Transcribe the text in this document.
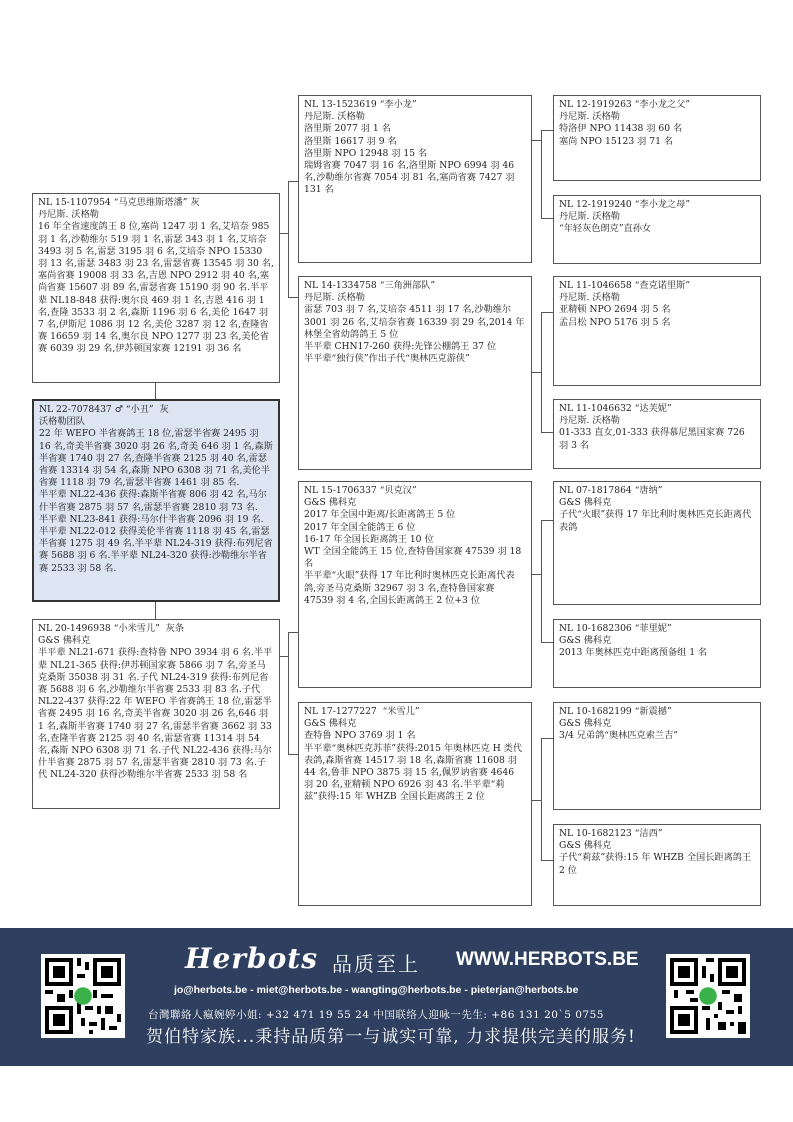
NL 22-7078437 ♂ “小丑”  灰

沃格勒团队

22 年 WEFO 半省赛鸽王 18 位,雷瑟半省赛 2495 羽 16 名,奇美半省赛 3020 羽 26 名,奇美 646 羽 1 名,森斯半省赛 1740 羽 27 名,查隆半省赛 2125 羽 40 名,雷瑟省赛 13314 羽 54 名,森斯 NPO 6308 羽 71 名,美伦半省赛 1118 羽 79 名,雷瑟半省赛 1461 羽 85 名.

半平辈 NL22-436 获得:森斯半省赛 806 羽 42 名,马尔什半省赛 2875 羽 57 名,雷瑟半省赛 2810 羽 73 名.

半平辈 NL23-841 获得:马尔什半省赛 2096 羽 19 名.

半平辈 NL22-012 获得美伦半省赛 1118 羽 45 名,雷瑟半省赛 1275 羽 49 名.半平辈 NL24-319 获得:布列尼省赛 5688 羽 6 名.半平辈 NL24-320 获得:沙勒维尔半省赛 2533 羽 58 名.

NL 15-1107954 “马克思维斯塔潘” 灰

丹尼斯. 沃格勒

16 年全省速度鸽王 8 位,塞尚 1247 羽 1 名,艾培奈 985 羽 1 名,沙勒维尔 519 羽 1 名,雷瑟 343 羽 1 名,艾培奈 3493 羽 5 名,雷瑟 3195 羽 6 名,艾培奈 NPO 15330 羽 13 名,雷瑟 3483 羽 23 名,雷瑟省赛 13545 羽 30 名,塞尚省赛 19008 羽 33 名,吉恩 NPO 2912 羽 40 名,塞尚省赛 15607 羽 89 名,雷瑟省赛 15190 羽 90 名.半平辈 NL18-848 获得:奥尔良 469 羽 1 名,吉恩 416 羽 1 名,查隆 3533 羽 2 名,森斯 1196 羽 6 名,美伦 1647 羽 7 名,伊斯尼 1086 羽 12 名,美伦 3287 羽 12 名,查隆省赛 16659 羽 14 名,奥尔良 NPO 1277 羽 23 名,美伦省赛 6039 羽 29 名,伊苏顿国家赛 12191 羽 36 名

NL 20-1496938 “小米雪儿”  灰条

G&S 佛科克

半平辈 NL21-671 获得:查特鲁 NPO 3934 羽 6 名.半平辈 NL21-365 获得:伊苏顿国家赛 5866 羽 7 名,旁圣马克桑斯 35038 羽 31 名.子代 NL24-319 获得:布列尼省赛 5688 羽 6 名,沙勒维尔半省赛 2533 羽 83 名.子代 NL22-437 获得:22 年 WEFO 半省赛鸽王 18 位,雷瑟半省赛 2495 羽 16 名,奇美半省赛 3020 羽 26 名,646 羽 1 名,森斯半省赛 1740 羽 27 名,雷瑟半省赛 3662 羽 33 名,查隆半省赛 2125 羽 40 名,雷瑟省赛 11314 羽 54 名,森斯 NPO 6308 羽 71 名.子代 NL22-436 获得:马尔什半省赛 2875 羽 57 名,雷瑟半省赛 2810 羽 73 名.子代 NL24-320 获得沙勒维尔半省赛 2533 羽 58 名

NL 13-1523619 “李小龙”

丹尼斯. 沃格勒

洛里斯 2077 羽 1 名

洛里斯 16617 羽 9 名

洛里斯 NPO 12948 羽 15 名

瑞姆省赛 7047 羽 16 名,洛里斯 NPO 6994 羽 46 名,沙勒维尔省赛 7054 羽 81 名,塞尚省赛 7427 羽 131 名

NL 14-1334758 “三角洲部队”

丹尼斯. 沃格勒

雷瑟 703 羽 7 名,艾培奈 4511 羽 17 名,沙勒维尔 3001 羽 26 名,艾培奈省赛 16339 羽 29 名,2014 年林堡全省幼鸽鸽王 5 位

半平辈 CHN17-260 获得:先锋公棚鸽王 37 位

半平辈“独行侠”作出子代“奥林匹克游侠”

NL 15-1706337 “贝克汉”

G&S 佛科克

2017 年全国中距离/长距离鸽王 5 位

2017 年全国全能鸽王 6 位

16-17 年全国长距离鸽王 10 位

WT 全国全能鸽王 15 位,查特鲁国家赛 47539 羽 18 名

半平辈“火眼”获得 17 年比利时奥林匹克长距离代表鸽,旁圣马克桑斯 32967 羽 3 名,查特鲁国家赛 47539 羽 4 名,全国长距离鸽王 2 位+3 位

NL 17-1277227  “米雪儿”

G&S 佛科克

查特鲁 NPO 3769 羽 1 名

半平辈“奥林匹克苏菲”获得:2015 年奥林匹克 H 类代表鸽,森斯省赛 14517 羽 18 名,森斯省赛 11608 羽 44 名,鲁菲 NPO 3875 羽 15 名,佩罗讷省赛 4646 羽 20 名,亚精顿 NPO 6926 羽 43 名.半平辈“莉兹”获得:15 年 WHZB 全国长距离鸽王 2 位

NL 12-1919263 “李小龙之父”

丹尼斯. 沃格勒

特洛伊 NPO 11438 羽 60 名

塞尚 NPO 15123 羽 71 名

NL 12-1919240 “李小龙之母”

丹尼斯. 沃格勒

“年轻灰色朗克”直孙女

NL 11-1046658 “查克诺里斯”

丹尼斯. 沃格勒

亚精顿 NPO 2694 羽 5 名

孟吕松 NPO 5176 羽 5 名

NL 11-1046632 “达芙妮”

丹尼斯. 沃格勒

01-333 直女,01-333 获得慕尼黑国家赛 726 羽 3 名

NL 07-1817864 “唐纳”

G&S 佛科克

子代“火眼”获得 17 年比利时奥林匹克长距离代表鸽

NL 10-1682306 “菲里妮”

G&S 佛科克

2013 年奥林匹克中距离预备组 1 名

NL 10-1682199 “新震撼”

G&S 佛科克

3/4 兄弟鸽“奥林匹克索兰吉”

NL 10-1682123 “洁西”

G&S 佛科克

子代“莉兹”获得:15 年 WHZB 全国长距离鸽王 2 位

Herbots 品质至上 WWW.HERBOTS.BE
jo@herbots.be - miet@herbots.be - wangting@herbots.be - pieterjan@herbots.be
台灣聯絡人瘋婉婷小姐: +32 471 19 55 24 中国联络人迎咏一先生: +86 131 20`5 0755
贺伯特家族...秉持品质第一与诚实可靠, 力求提供完美的服务!
